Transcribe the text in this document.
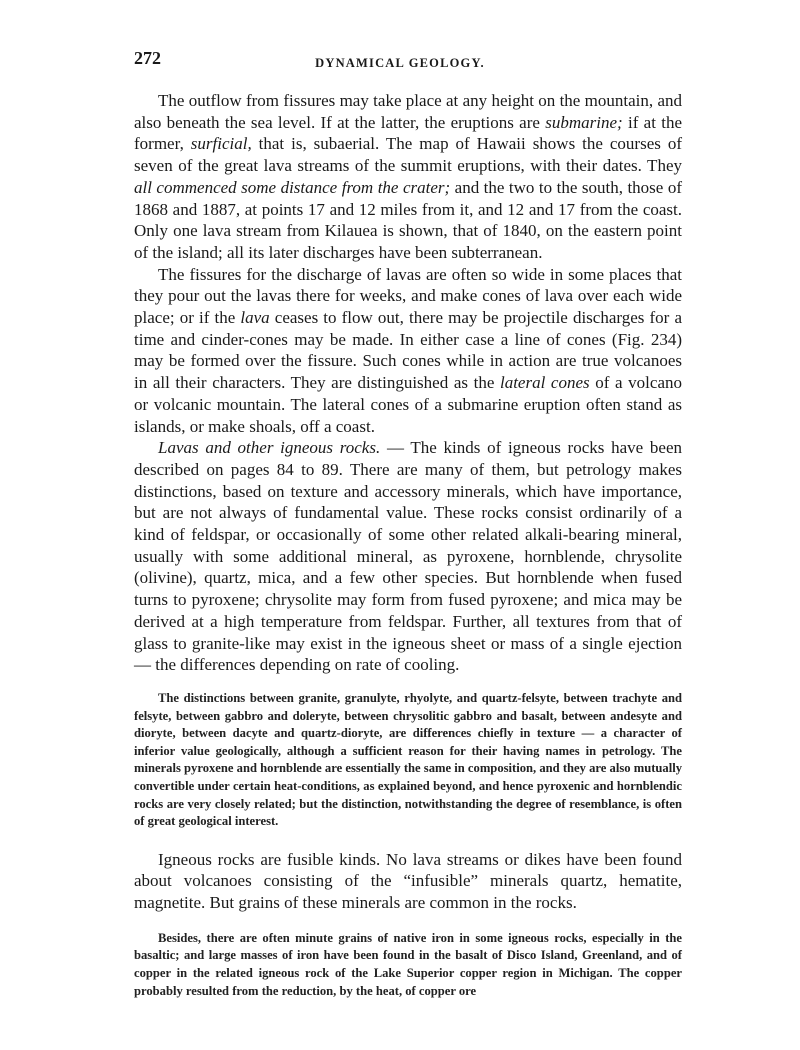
272	DYNAMICAL GEOLOGY.

The outflow from fissures may take place at any height on the mountain, and also beneath the sea level. If at the latter, the eruptions are submarine; if at the former, surficial, that is, subaerial. The map of Hawaii shows the courses of seven of the great lava streams of the summit eruptions, with their dates. They all commenced some distance from the crater; and the two to the south, those of 1868 and 1887, at points 17 and 12 miles from it, and 12 and 17 from the coast. Only one lava stream from Kilauea is shown, that of 1840, on the eastern point of the island; all its later discharges have been subterranean.

The fissures for the discharge of lavas are often so wide in some places that they pour out the lavas there for weeks, and make cones of lava over each wide place; or if the lava ceases to flow out, there may be projectile discharges for a time and cinder-cones may be made. In either case a line of cones (Fig. 234) may be formed over the fissure. Such cones while in action are true volcanoes in all their characters. They are distinguished as the lateral cones of a volcano or volcanic mountain. The lateral cones of a submarine eruption often stand as islands, or make shoals, off a coast.

Lavas and other igneous rocks. — The kinds of igneous rocks have been described on pages 84 to 89. There are many of them, but petrology makes distinctions, based on texture and accessory minerals, which have importance, but are not always of fundamental value. These rocks consist ordinarily of a kind of feldspar, or occasionally of some other related alkali-bearing mineral, usually with some additional mineral, as pyroxene, hornblende, chrysolite (olivine), quartz, mica, and a few other species. But hornblende when fused turns to pyroxene; chrysolite may form from fused pyroxene; and mica may be derived at a high temperature from feldspar. Further, all textures from that of glass to granite-like may exist in the igneous sheet or mass of a single ejection — the differences depending on rate of cooling.

The distinctions between granite, granulyte, rhyolyte, and quartz-felsyte, between trachyte and felsyte, between gabbro and doleryte, between chrysolitic gabbro and basalt, between andesyte and dioryte, between dacyte and quartz-dioryte, are differences chiefly in texture — a character of inferior value geologically, although a sufficient reason for their having names in petrology. The minerals pyroxene and hornblende are essentially the same in composition, and they are also mutually convertible under certain heat-conditions, as explained beyond, and hence pyroxenic and hornblendic rocks are very closely related; but the distinction, notwithstanding the degree of resemblance, is often of great geological interest.

Igneous rocks are fusible kinds. No lava streams or dikes have been found about volcanoes consisting of the “infusible” minerals quartz, hematite, magnetite. But grains of these minerals are common in the rocks.

Besides, there are often minute grains of native iron in some igneous rocks, especially in the basaltic; and large masses of iron have been found in the basalt of Disco Island, Greenland, and of copper in the related igneous rock of the Lake Superior copper region in Michigan. The copper probably resulted from the reduction, by the heat, of copper ore
